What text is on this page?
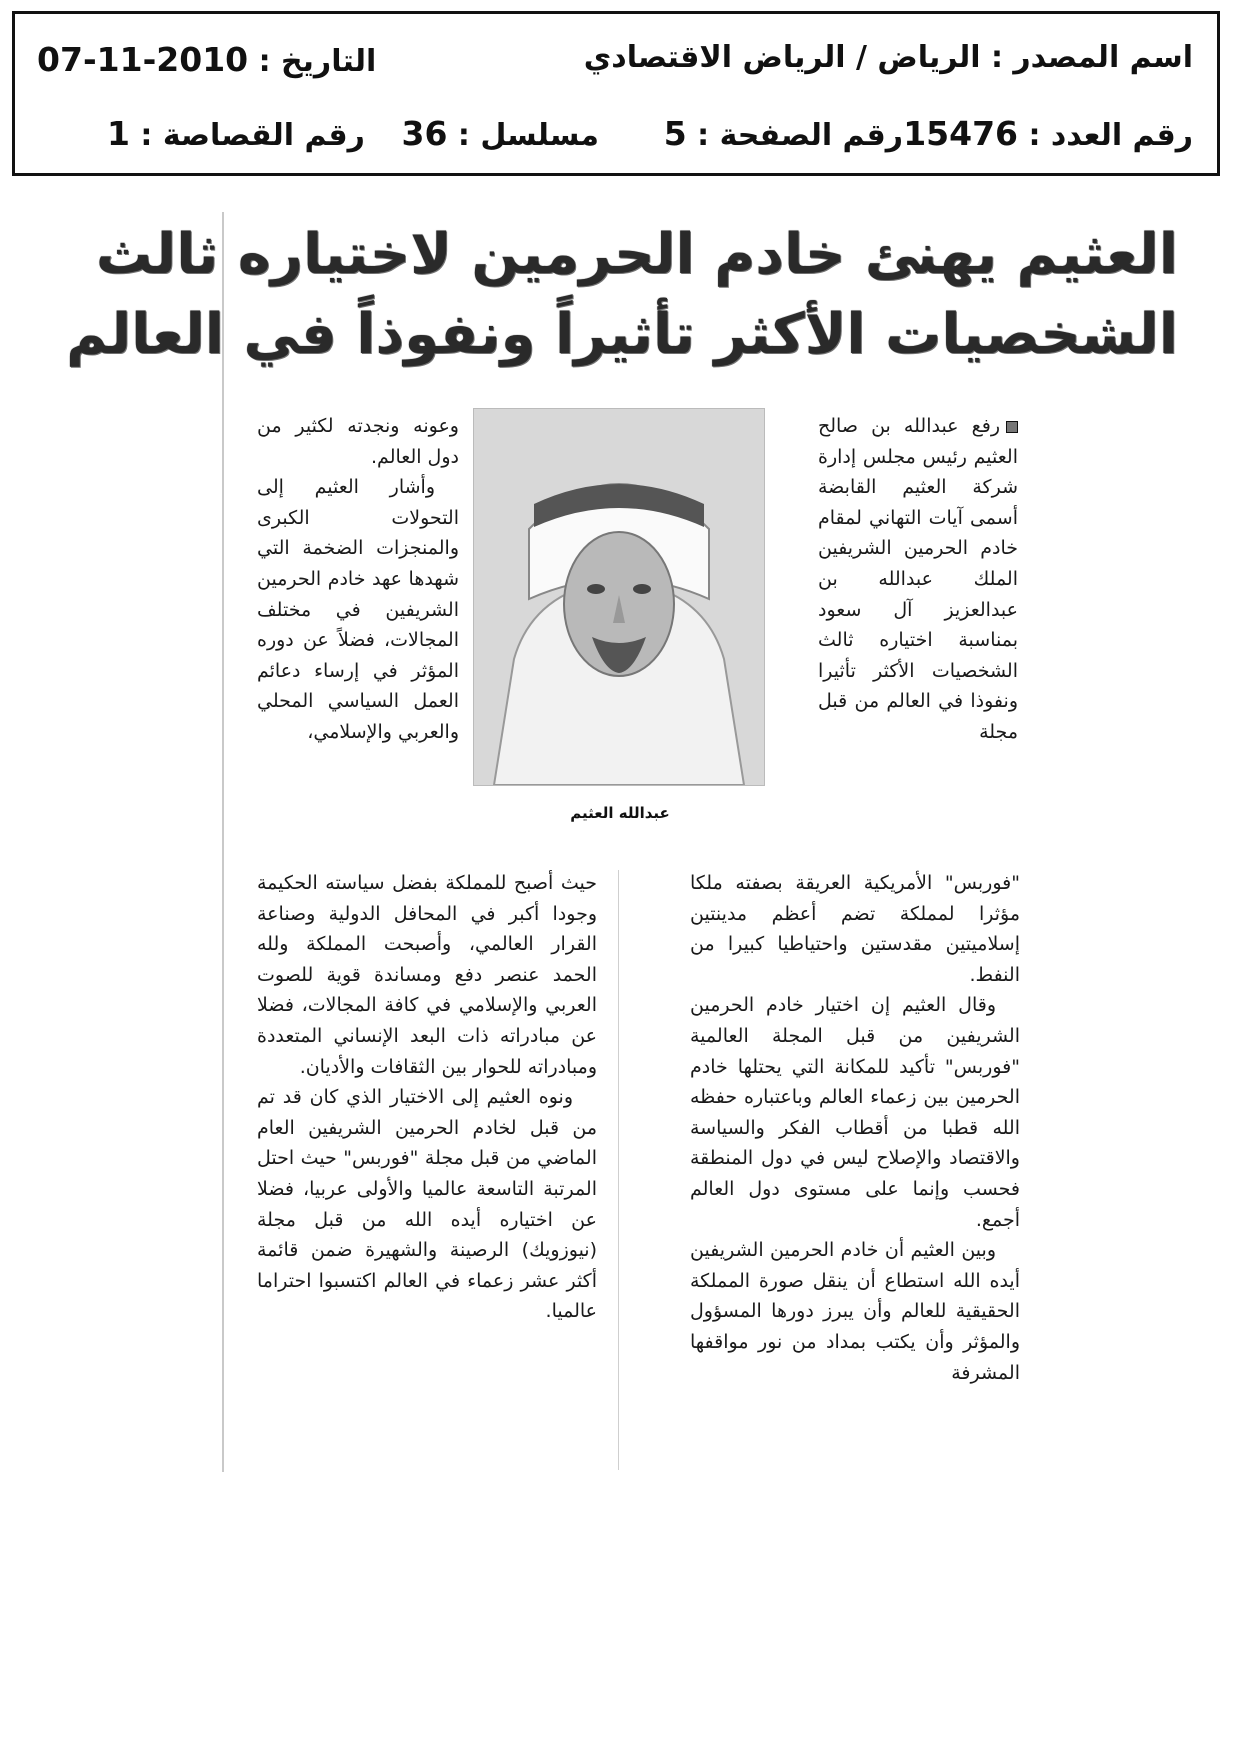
اسم المصدر : الرياض / الرياض الاقتصادي
التاريخ : 2010-11-07
رقم العدد : 15476
رقم الصفحة : 5
مسلسل : 36
رقم القصاصة : 1
العثيم يهنئ خادم الحرمين لاختياره ثالث
الشخصيات الأكثر تأثيراً ونفوذاً في العالم
عبدالله العثيم

رفع عبدالله بن صالح العثيم رئيس مجلس إدارة شركة العثيم القابضة أسمى آيات التهاني لمقام خادم الحرمين الشريفين الملك عبدالله بن عبدالعزيز آل سعود بمناسبة اختياره ثالث الشخصيات الأكثر تأثيرا ونفوذا في العالم من قبل مجلة

وعونه ونجدته لكثير من دول العالم.

وأشار العثيم إلى التحولات الكبرى والمنجزات الضخمة التي شهدها عهد خادم الحرمين الشريفين في مختلف المجالات، فضلاً عن دوره المؤثر في إرساء دعائم العمل السياسي المحلي والعربي والإسلامي،

"فوربس" الأمريكية العريقة بصفته ملكا مؤثرا لمملكة تضم أعظم مدينتين إسلاميتين مقدستين واحتياطيا كبيرا من النفط.

وقال العثيم إن اختيار خادم الحرمين الشريفين من قبل المجلة العالمية "فوربس" تأكيد للمكانة التي يحتلها خادم الحرمين بين زعماء العالم وباعتباره حفظه الله قطبا من أقطاب الفكر والسياسة والاقتصاد والإصلاح ليس في دول المنطقة فحسب وإنما على مستوى دول العالم أجمع.

وبين العثيم أن خادم الحرمين الشريفين أيده الله استطاع أن ينقل صورة المملكة الحقيقية للعالم وأن يبرز دورها المسؤول والمؤثر وأن يكتب بمداد من نور مواقفها المشرفة

حيث أصبح للمملكة بفضل سياسته الحكيمة وجودا أكبر في المحافل الدولية وصناعة القرار العالمي، وأصبحت المملكة ولله الحمد عنصر دفع ومساندة قوية للصوت العربي والإسلامي في كافة المجالات، فضلا عن مبادراته ذات البعد الإنساني المتعددة ومبادراته للحوار بين الثقافات والأديان.

ونوه العثيم إلى الاختيار الذي كان قد تم من قبل لخادم الحرمين الشريفين العام الماضي من قبل مجلة "فوربس" حيث احتل المرتبة التاسعة عالميا والأولى عربيا، فضلا عن اختياره أيده الله من قبل مجلة (نيوزويك) الرصينة والشهيرة ضمن قائمة أكثر عشر زعماء في العالم اكتسبوا احتراما عالميا.
